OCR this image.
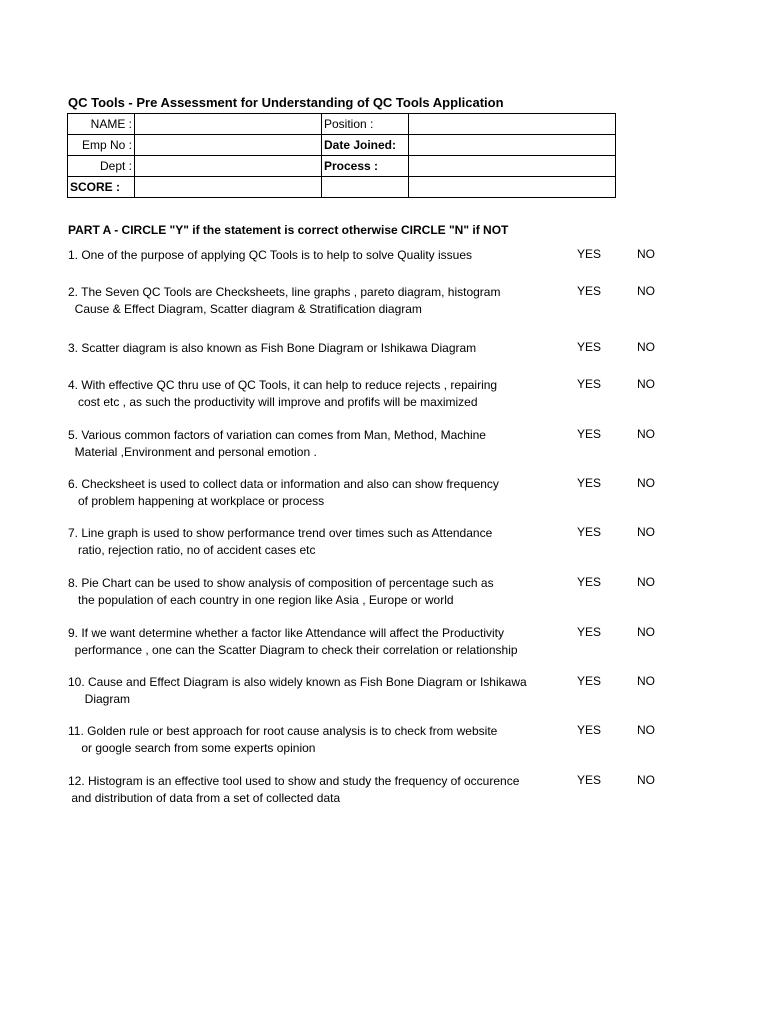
QC Tools - Pre Assessment for Understanding of QC Tools Application
NAME :		Position :	
Emp No :		Date Joined:	
Dept :		Process :	
SCORE :			
PART A - CIRCLE "Y" if the statement is correct otherwise CIRCLE "N" if NOT
1. One of the purpose of applying QC Tools is to help to solve Quality issues	YES	NO
2. The Seven QC Tools are Checksheets, line graphs , pareto diagram, histogram
Cause & Effect Diagram, Scatter diagram & Stratification diagram
YES	NO
3. Scatter diagram is also known as Fish Bone Diagram or Ishikawa Diagram	YES	NO
4. With effective QC thru use of QC Tools, it can help to reduce rejects , repairing
cost etc , as such the productivity will improve and profifs will be maximized
YES	NO
5. Various common factors of variation can comes from Man, Method, Machine
Material ,Environment and personal emotion .
YES	NO
6. Checksheet is used to collect data or information and also can show frequency
of problem happening at workplace or process
YES	NO
7. Line graph is used to show performance trend over times such as Attendance
ratio, rejection ratio, no of accident cases etc
YES	NO
8. Pie Chart can be used to show analysis of composition of percentage such as
the population of each country in one region like Asia , Europe or world
YES	NO
9. If we want determine whether a factor like Attendance will affect the Productivity
performance , one can the Scatter Diagram to check their correlation or relationship
YES	NO
10. Cause and Effect Diagram is also widely known as Fish Bone Diagram or Ishikawa
Diagram
YES	NO
11. Golden rule or best approach for root cause analysis is to check from website
or google search from some experts opinion
YES	NO
12. Histogram is an effective tool used to show and study the frequency of occurence
and distribution of data from a set of collected data
YES	NO
